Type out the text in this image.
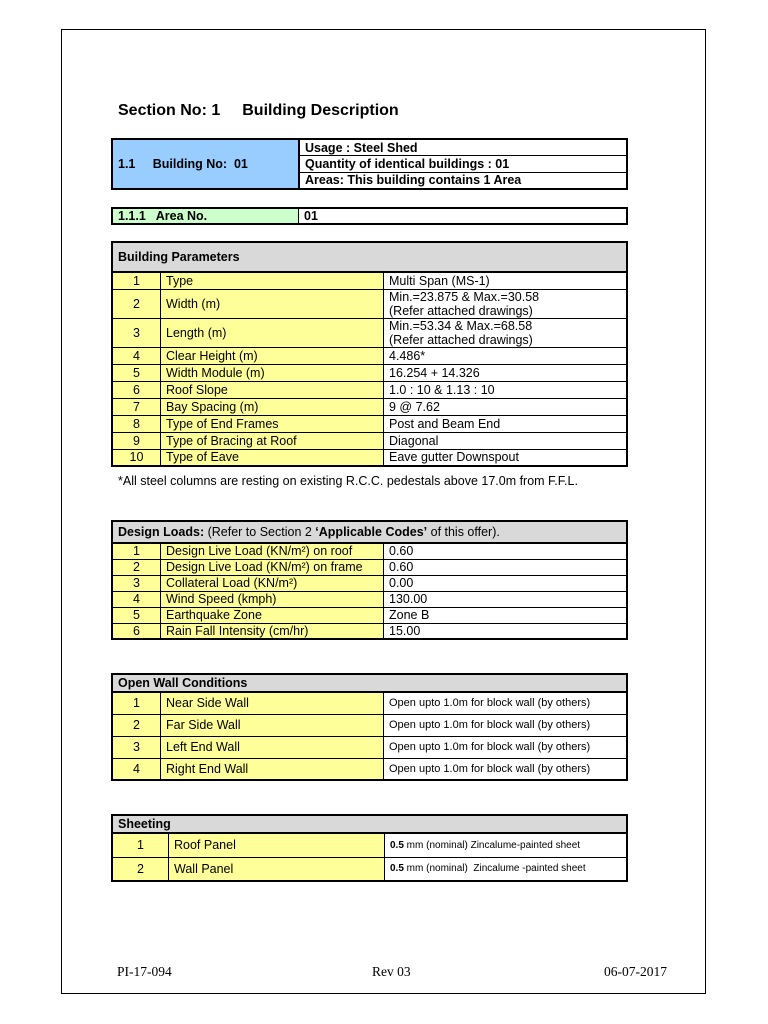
Section No: 1 Building Description
1.1     Building No:  01	Usage : Steel Shed
Quantity of identical buildings : 01
Areas: This building contains 1 Area
1.1.1   Area No.	01
Building Parameters		
1	Type	Multi Span (MS-1)
2	Width (m)	Min.=23.875 & Max.=30.58
(Refer attached drawings)

3	Length (m)	Min.=53.34 & Max.=68.58
(Refer attached drawings)

4	Clear Height (m)	4.486*
5	Width Module (m)	16.254 + 14.326
6	Roof Slope	1.0 : 10 & 1.13 : 10
7	Bay Spacing (m)	9 @ 7.62
8	Type of End Frames	Post and Beam End
9	Type of Bracing at Roof	Diagonal
10	Type of Eave	Eave gutter Downspout
*All steel columns are resting on existing R.C.C. pedestals above 17.0m from F.F.L.
Design Loads: (Refer to Section 2 ‘Applicable Codes’ of this offer).		
1	Design Live Load (KN/m²) on roof	0.60
2	Design Live Load (KN/m²) on frame	0.60
3	Collateral Load (KN/m²)	0.00
4	Wind Speed (kmph)	130.00
5	Earthquake Zone	Zone B
6	Rain Fall Intensity (cm/hr)	15.00
Open Wall Conditions		
1	Near Side Wall	Open upto 1.0m for block wall (by others)
2	Far Side Wall	Open upto 1.0m for block wall (by others)
3	Left End Wall	Open upto 1.0m for block wall (by others)
4	Right End Wall	Open upto 1.0m for block wall (by others)
Sheeting		
1	Roof Panel	0.5 mm (nominal) Zincalume-painted sheet
2	Wall Panel	0.5 mm (nominal)  Zincalume -painted sheet
PI-17-094	Rev 03	06-07-2017
